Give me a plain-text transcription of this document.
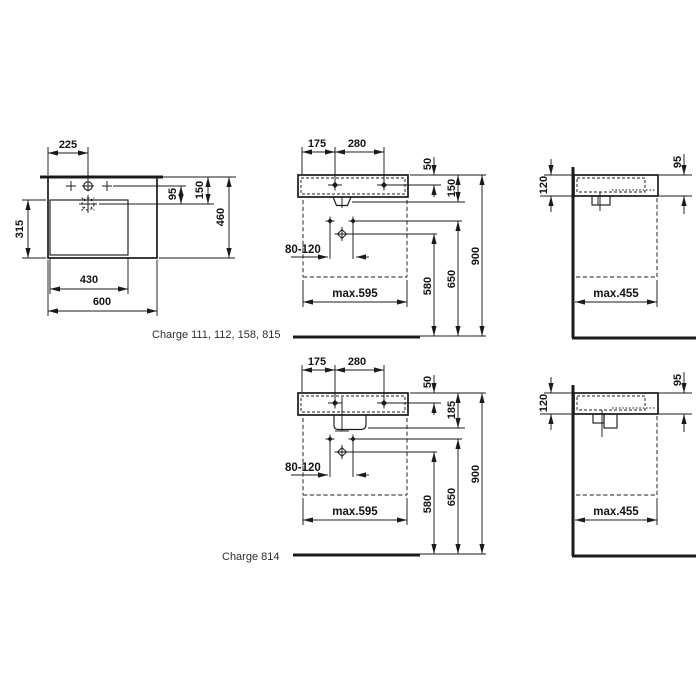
225
95 150
460
315
430
600
175 280
80-120
50
150
580 650
900
max.595
120
95
max.455
Charge 111, 112, 158, 815
175 280
80-120
50
185
580 650
900
max.595
120
95
max.455
Charge 814
